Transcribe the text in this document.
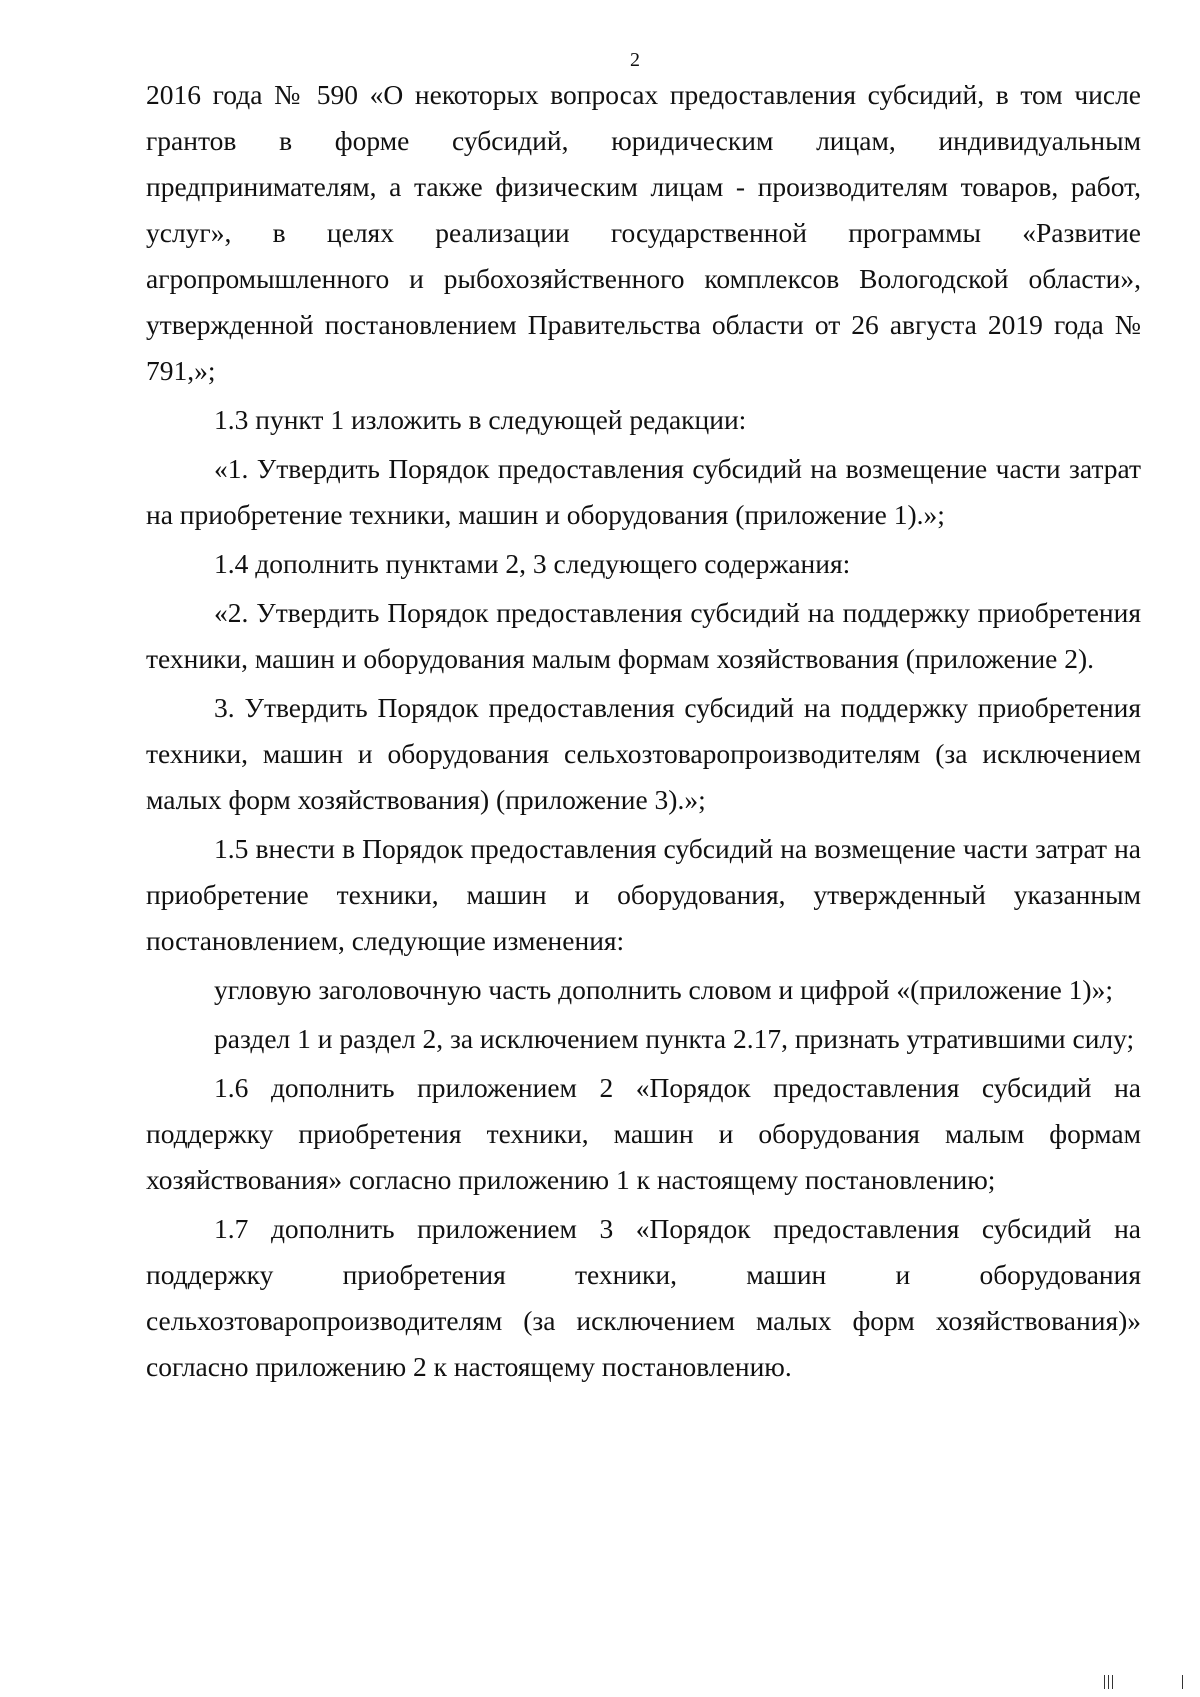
2

2016 года № 590 «О некоторых вопросах предоставления субсидий, в том числе грантов в форме субсидий, юридическим лицам, индивидуальным предпринимателям, а также физическим лицам - производителям товаров, работ, услуг», в целях реализации государственной программы «Развитие агропромышленного и рыбохозяйственного комплексов Вологодской области», утвержденной постановлением Правительства области от 26 августа 2019 года № 791,»;

1.3 пункт 1 изложить в следующей редакции:

«1. Утвердить Порядок предоставления субсидий на возмещение части затрат на приобретение техники, машин и оборудования (приложение 1).»;

1.4 дополнить пунктами 2, 3 следующего содержания:

«2. Утвердить Порядок предоставления субсидий на поддержку приобретения техники, машин и оборудования малым формам хозяйствования (приложение 2).

3. Утвердить Порядок предоставления субсидий на поддержку приобретения техники, машин и оборудования сельхозтоваропроизводителям (за исключением малых форм хозяйствования) (приложение 3).»;

1.5 внести в Порядок предоставления субсидий на возмещение части затрат на приобретение техники, машин и оборудования, утвержденный указанным постановлением, следующие изменения:

угловую заголовочную часть дополнить словом и цифрой «(приложение 1)»;

раздел 1 и раздел 2, за исключением пункта 2.17, признать утратившими силу;

1.6 дополнить приложением 2 «Порядок предоставления субсидий на поддержку приобретения техники, машин и оборудования малым формам хозяйствования» согласно приложению 1 к настоящему постановлению;

1.7 дополнить приложением 3 «Порядок предоставления субсидий на поддержку приобретения техники, машин и оборудования сельхозтоваропроизводителям (за исключением малых форм хозяйствования)» согласно приложению 2 к настоящему постановлению.
